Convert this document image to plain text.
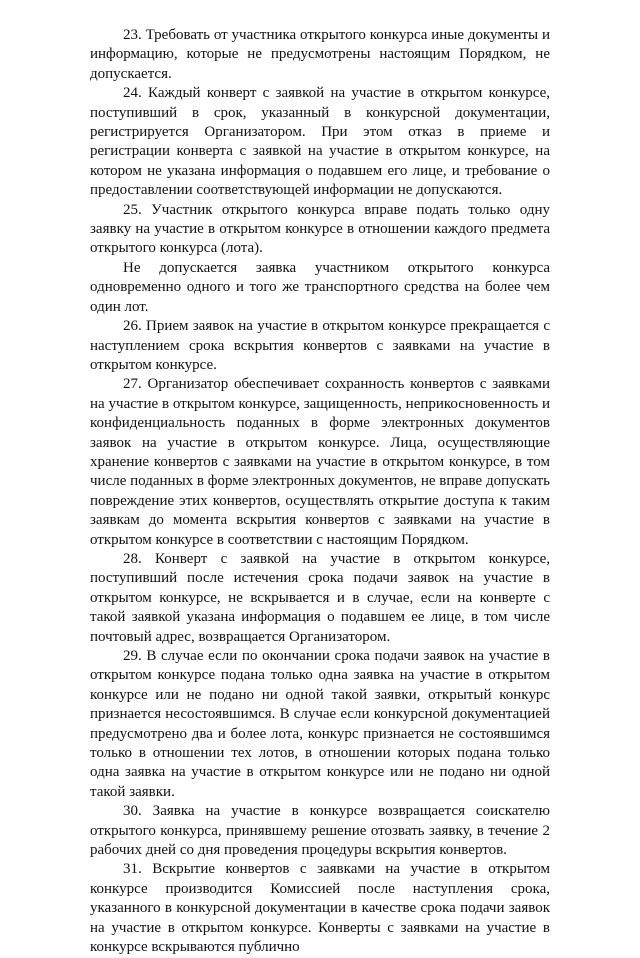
23. Требовать от участника открытого конкурса иные документы и информацию, которые не предусмотрены настоящим Порядком, не допускается.

24. Каждый конверт с заявкой на участие в открытом конкурсе, поступивший в срок, указанный в конкурсной документации, регистрируется Организатором. При этом отказ в приеме и регистрации конверта с заявкой на участие в открытом конкурсе, на котором не указана информация о подавшем его лице, и требование о предоставлении соответствующей информации не допускаются.

25. Участник открытого конкурса вправе подать только одну заявку на участие в открытом конкурсе в отношении каждого предмета открытого конкурса (лота).

Не допускается заявка участником открытого конкурса одновременно одного и того же транспортного средства на более чем один лот.

26. Прием заявок на участие в открытом конкурсе прекращается с наступлением срока вскрытия конвертов с заявками на участие в открытом конкурсе.

27. Организатор обеспечивает сохранность конвертов с заявками на участие в открытом конкурсе, защищенность, неприкосновенность и конфиденциальность поданных в форме электронных документов заявок на участие в открытом конкурсе. Лица, осуществляющие хранение конвертов с заявками на участие в открытом конкурсе, в том числе поданных в форме электронных документов, не вправе допускать повреждение этих конвертов, осуществлять открытие доступа к таким заявкам до момента вскрытия конвертов с заявками на участие в открытом конкурсе в соответствии с настоящим Порядком.

28. Конверт с заявкой на участие в открытом конкурсе, поступивший после истечения срока подачи заявок на участие в открытом конкурсе, не вскрывается и в случае, если на конверте с такой заявкой указана информация о подавшем ее лице, в том числе почтовый адрес, возвращается Организатором.

29. В случае если по окончании срока подачи заявок на участие в открытом конкурсе подана только одна заявка на участие в открытом конкурсе или не подано ни одной такой заявки, открытый конкурс признается несостоявшимся. В случае если конкурсной документацией предусмотрено два и более лота, конкурс признается не состоявшимся только в отношении тех лотов, в отношении которых подана только одна заявка на участие в открытом конкурсе или не подано ни одной такой заявки.

30. Заявка на участие в конкурсе возвращается соискателю открытого конкурса, принявшему решение отозвать заявку, в течение 2 рабочих дней со дня проведения процедуры вскрытия конвертов.

31. Вскрытие конвертов с заявками на участие в открытом конкурсе производится Комиссией после наступления срока, указанного в конкурсной документации в качестве срока подачи заявок на участие в открытом конкурсе. Конверты с заявками на участие в конкурсе вскрываются публично
